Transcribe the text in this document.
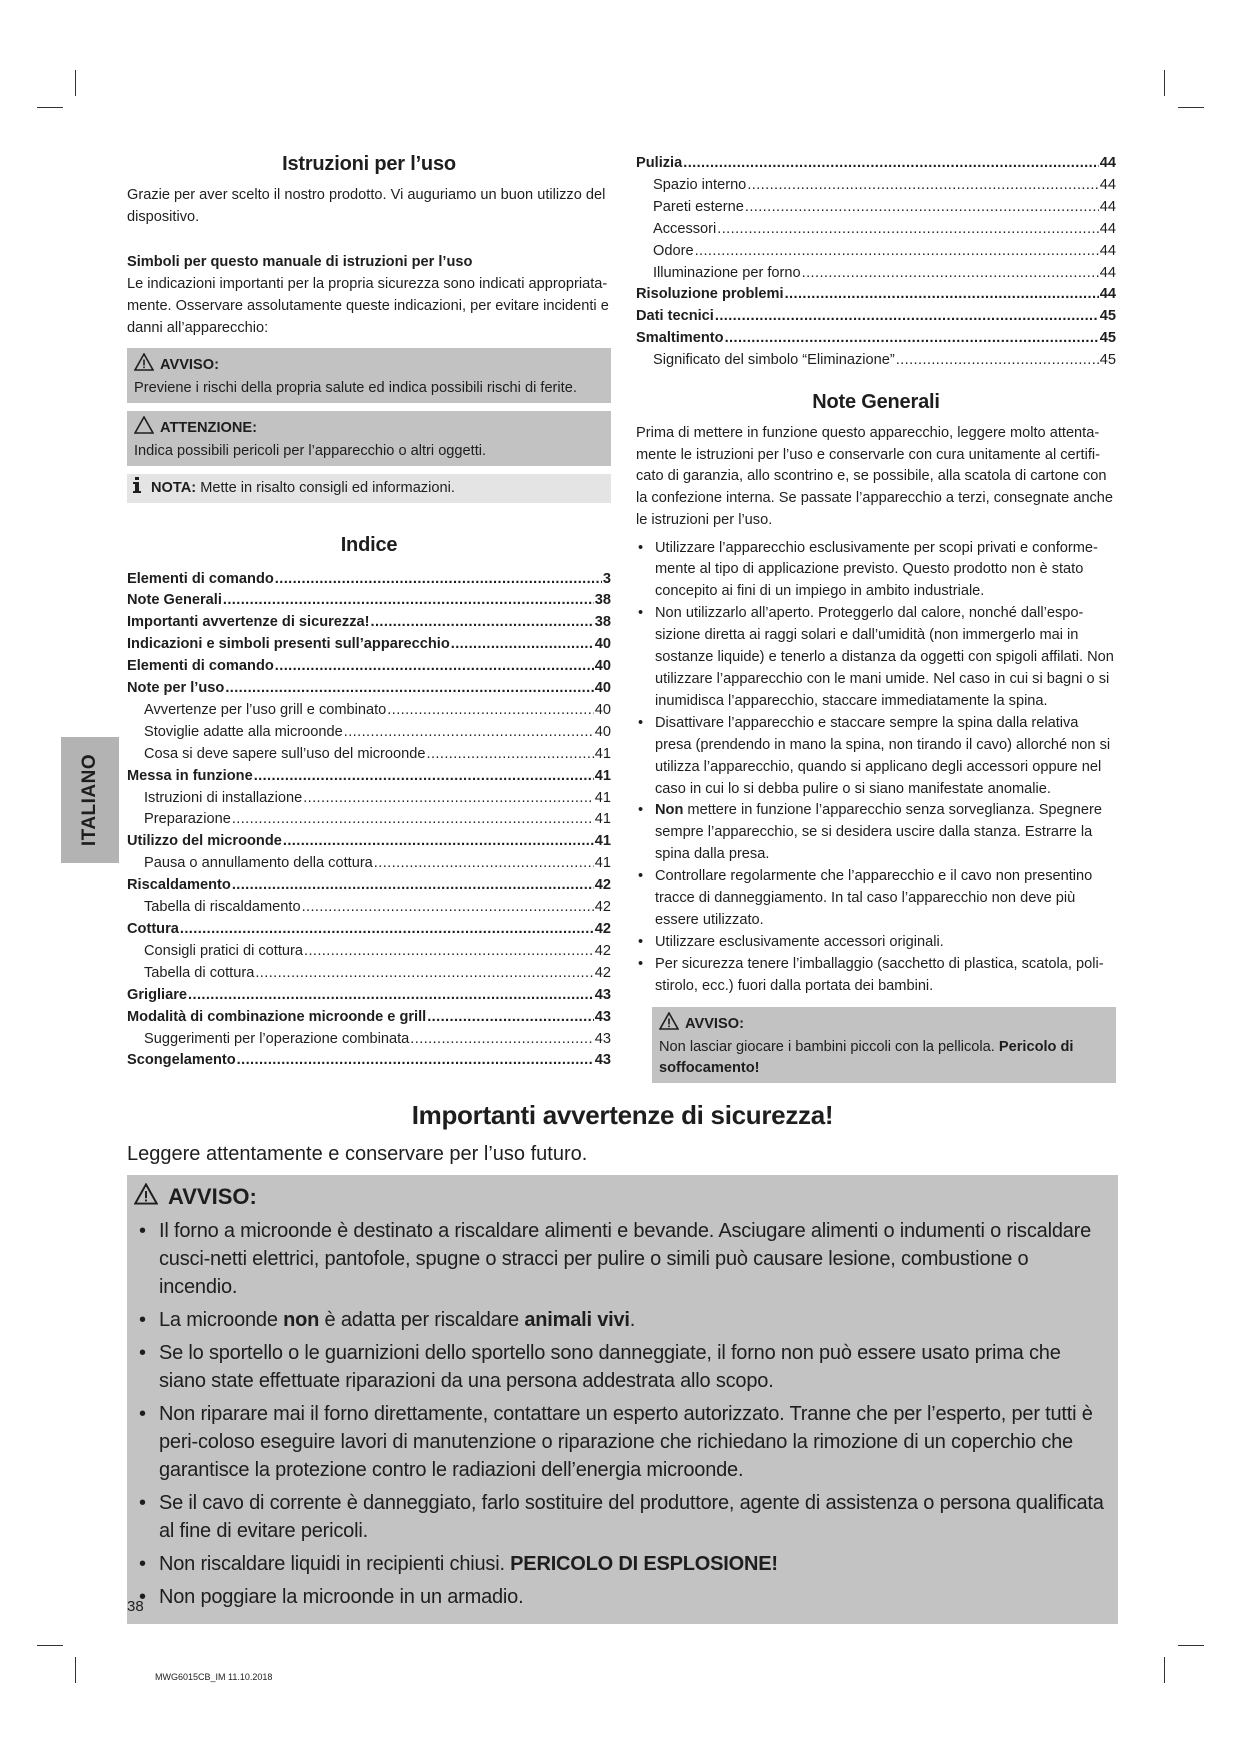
Istruzioni per l’uso

Grazie per aver scelto il nostro prodotto. Vi auguriamo un buon utilizzo del dispositivo.

Simboli per questo manuale di istruzioni per l’uso

Le indicazioni importanti per la propria sicurezza sono indicati appropriata-mente. Osservare assolutamente queste indicazioni, per evitare incidenti e danni all’apparecchio:

AVVISO:
Previene i rischi della propria salute ed indica possibili rischi di ferite.
ATTENZIONE:
Indica possibili pericoli per l’apparecchio o altri oggetti.
NOTA:
Mette in risalto consigli ed informazioni.
Indice
Elementi di comando .....	3
Note Generali .....	38
Importanti avvertenze di sicurezza! .....	38
Indicazioni e simboli presenti sull’apparecchio .....	40
Elementi di comando .....	40
Note per l’uso .....	40
Avvertenze per l’uso grill e combinato .....	40
Stoviglie adatte alla microonde .....	40
Cosa si deve sapere sull’uso del microonde .....	41
Messa in funzione .....	41
Istruzioni di installazione .....	41
Preparazione .....	41
Utilizzo del microonde .....	41
Pausa o annullamento della cottura .....	41
Riscaldamento .....	42
Tabella di riscaldamento .....	42
Cottura .....	42
Consigli pratici di cottura .....	42
Tabella di cottura .....	42
Grigliare .....	43
Modalità di combinazione microonde e grill .....	43
Suggerimenti per l’operazione combinata .....	43
Scongelamento .....	43
Pulizia .....	44
Spazio interno .....	44
Pareti esterne .....	44
Accessori .....	44
Odore .....	44
Illuminazione per forno .....	44
Risoluzione problemi .....	44
Dati tecnici .....	45
Smaltimento .....	45
Significato del simbolo “Eliminazione” .....	45
Note Generali

Prima di mettere in funzione questo apparecchio, leggere molto attenta-mente le istruzioni per l’uso e conservarle con cura unitamente al certifi-cato di garanzia, allo scontrino e, se possibile, alla scatola di cartone con la confezione interna. Se passate l’apparecchio a terzi, consegnate anche le istruzioni per l’uso.

• Utilizzare l’apparecchio esclusivamente per scopi privati e conforme-mente al tipo di applicazione previsto. Questo prodotto non è stato concepito ai fini di un impiego in ambito industriale.
• Non utilizzarlo all’aperto. Proteggerlo dal calore, nonché dall’espo-sizione diretta ai raggi solari e dall’umidità (non immergerlo mai in sostanze liquide) e tenerlo a distanza da oggetti con spigoli affilati. Non utilizzare l’apparecchio con le mani umide. Nel caso in cui si bagni o si inumidisca l’apparecchio, staccare immediatamente la spina.
• Disattivare l’apparecchio e staccare sempre la spina dalla relativa presa (prendendo in mano la spina, non tirando il cavo) allorché non si utilizza l’apparecchio, quando si applicano degli accessori oppure nel caso in cui lo si debba pulire o si siano manifestate anomalie.
• Non mettere in funzione l’apparecchio senza sorveglianza. Spegnere sempre l’apparecchio, se si desidera uscire dalla stanza. Estrarre la spina dalla presa.
• Controllare regolarmente che l’apparecchio e il cavo non presentino tracce di danneggiamento. In tal caso l’apparecchio non deve più essere utilizzato.
• Utilizzare esclusivamente accessori originali.
• Per sicurezza tenere l’imballaggio (sacchetto di plastica, scatola, poli-stirolo, ecc.) fuori dalla portata dei bambini.
AVVISO:
Non lasciar giocare i bambini piccoli con la pellicola. Pericolo di soffocamento!
ITALIANO
Importanti avvertenze di sicurezza!

Leggere attentamente e conservare per l’uso futuro.

AVVISO:
• Il forno a microonde è destinato a riscaldare alimenti e bevande. Asciugare alimenti o indumenti o riscaldare cusci-netti elettrici, pantofole, spugne o stracci per pulire o simili può causare lesione, combustione o incendio.
• La microonde non è adatta per riscaldare animali vivi.
• Se lo sportello o le guarnizioni dello sportello sono danneggiate, il forno non può essere usato prima che siano state effettuate riparazioni da una persona addestrata allo scopo.
• Non riparare mai il forno direttamente, contattare un esperto autorizzato. Tranne che per l’esperto, per tutti è peri-coloso eseguire lavori di manutenzione o riparazione che richiedano la rimozione di un coperchio che garantisce la protezione contro le radiazioni dell’energia microonde.
• Se il cavo di corrente è danneggiato, farlo sostituire del produttore, agente di assistenza o persona qualificata al fine di evitare pericoli.
• Non riscaldare liquidi in recipienti chiusi. PERICOLO DI ESPLOSIONE!
• Non poggiare la microonde in un armadio.
38
MWG6015CB_IM 11.10.2018
